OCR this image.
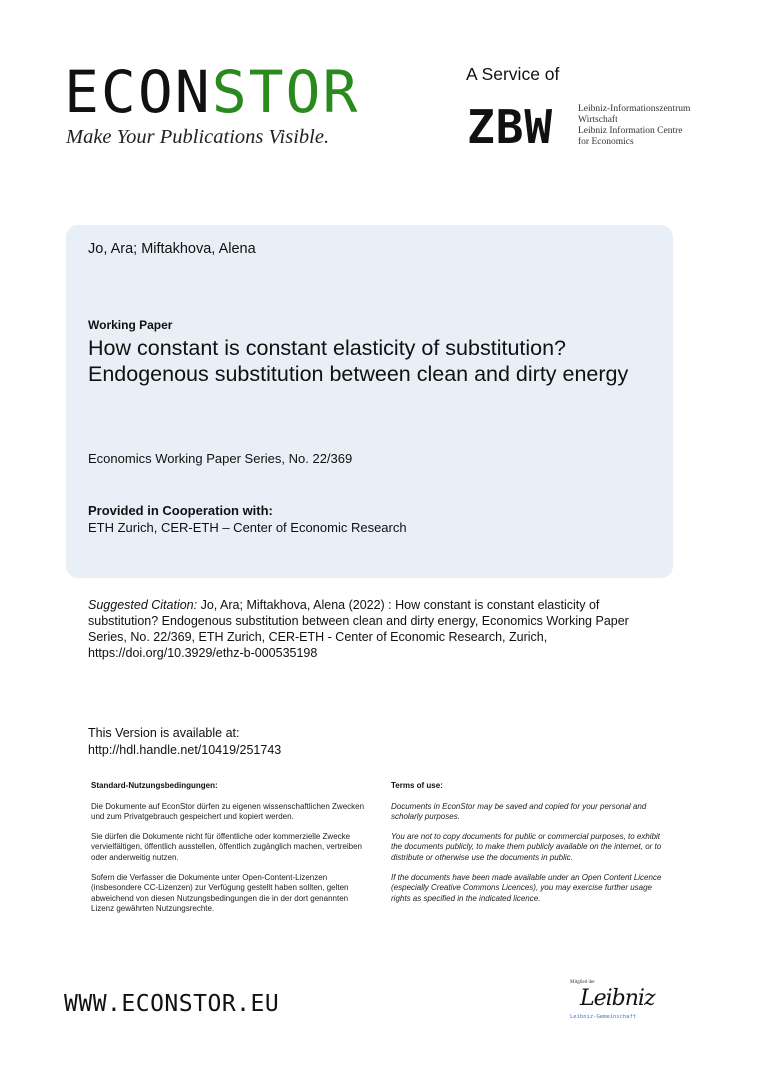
ECONSTOR
Make Your Publications Visible.
A Service of
ZBW	Leibniz-Informationszentrum
Wirtschaft
Leibniz Information Centre
for Economics
Jo, Ara; Miftakhova, Alena
Working Paper
How constant is constant elasticity of substitution? Endogenous substitution between clean and dirty energy
Economics Working Paper Series, No. 22/369
Provided in Cooperation with:
ETH Zurich, CER-ETH – Center of Economic Research
Suggested Citation: Jo, Ara; Miftakhova, Alena (2022) : How constant is constant elasticity of substitution? Endogenous substitution between clean and dirty energy, Economics Working Paper Series, No. 22/369, ETH Zurich, CER-ETH - Center of Economic Research, Zurich, https://doi.org/10.3929/ethz-b-000535198
This Version is available at:
http://hdl.handle.net/10419/251743
Standard-Nutzungsbedingungen:

Die Dokumente auf EconStor dürfen zu eigenen wissenschaftlichen Zwecken und zum Privatgebrauch gespeichert und kopiert werden.

Sie dürfen die Dokumente nicht für öffentliche oder kommerzielle Zwecke vervielfältigen, öffentlich ausstellen, öffentlich zugänglich machen, vertreiben oder anderweitig nutzen.

Sofern die Verfasser die Dokumente unter Open-Content-Lizenzen (insbesondere CC-Lizenzen) zur Verfügung gestellt haben sollten, gelten abweichend von diesen Nutzungsbedingungen die in der dort genannten Lizenz gewährten Nutzungsrechte.

Terms of use:

Documents in EconStor may be saved and copied for your personal and scholarly purposes.

You are not to copy documents for public or commercial purposes, to exhibit the documents publicly, to make them publicly available on the internet, or to distribute or otherwise use the documents in public.

If the documents have been made available under an Open Content Licence (especially Creative Commons Licences), you may exercise further usage rights as specified in the indicated licence.

WWW.ECONSTOR.EU
Mitglied der
Leibniz
Leibniz-Gemeinschaft
